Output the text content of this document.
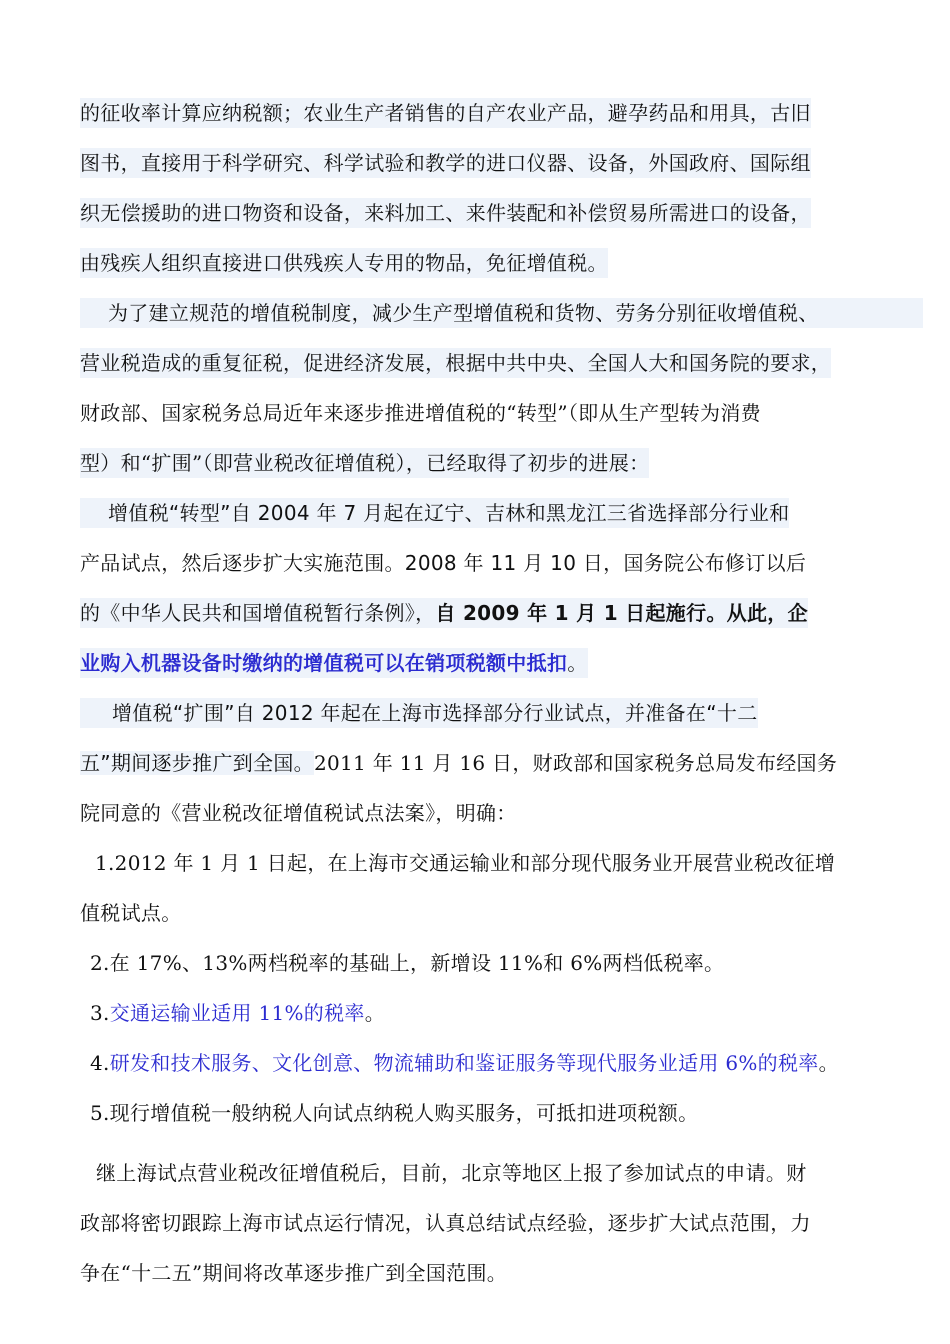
的征收率计算应纳税额；农业生产者销售的自产农业产品，避孕药品和用具，古旧
图书，直接用于科学研究、科学试验和教学的进口仪器、设备，外国政府、国际组
织无偿援助的进口物资和设备，来料加工、来件装配和补偿贸易所需进口的设备，
由残疾人组织直接进口供残疾人专用的物品，免征增值税。
为了建立规范的增值税制度，减少生产型增值税和货物、劳务分别征收增值税、
营业税造成的重复征税，促进经济发展，根据中共中央、全国人大和国务院的要求，
财政部、国家税务总局近年来逐步推进增值税的“转型”（即从生产型转为消费
型）和“扩围”（即营业税改征增值税），已经取得了初步的进展：
增值税“转型”自 2004 年 7 月起在辽宁、吉林和黑龙江三省选择部分行业和
产品试点，然后逐步扩大实施范围。2008 年 11 月 10 日，国务院公布修订以后
的《中华人民共和国增值税暂行条例》，自 2009 年 1 月 1 日起施行。从此，企
业购入机器设备时缴纳的增值税可以在销项税额中抵扣。
增值税“扩围”自 2012 年起在上海市选择部分行业试点，并准备在“十二
五”期间逐步推广到全国。2011 年 11 月 16 日，财政部和国家税务总局发布经国务
院同意的《营业税改征增值税试点法案》，明确：
1.2012 年 1 月 1 日起，在上海市交通运输业和部分现代服务业开展营业税改征增
值税试点。
2.在 17%、13%两档税率的基础上，新增设 11%和 6%两档低税率。
3.交通运输业适用 11%的税率。
4.研发和技术服务、文化创意、物流辅助和鉴证服务等现代服务业适用 6%的税率。
5.现行增值税一般纳税人向试点纳税人购买服务，可抵扣进项税额。
继上海试点营业税改征增值税后，目前，北京等地区上报了参加试点的申请。财
政部将密切跟踪上海市试点运行情况，认真总结试点经验，逐步扩大试点范围，力
争在“十二五”期间将改革逐步推广到全国范围。
